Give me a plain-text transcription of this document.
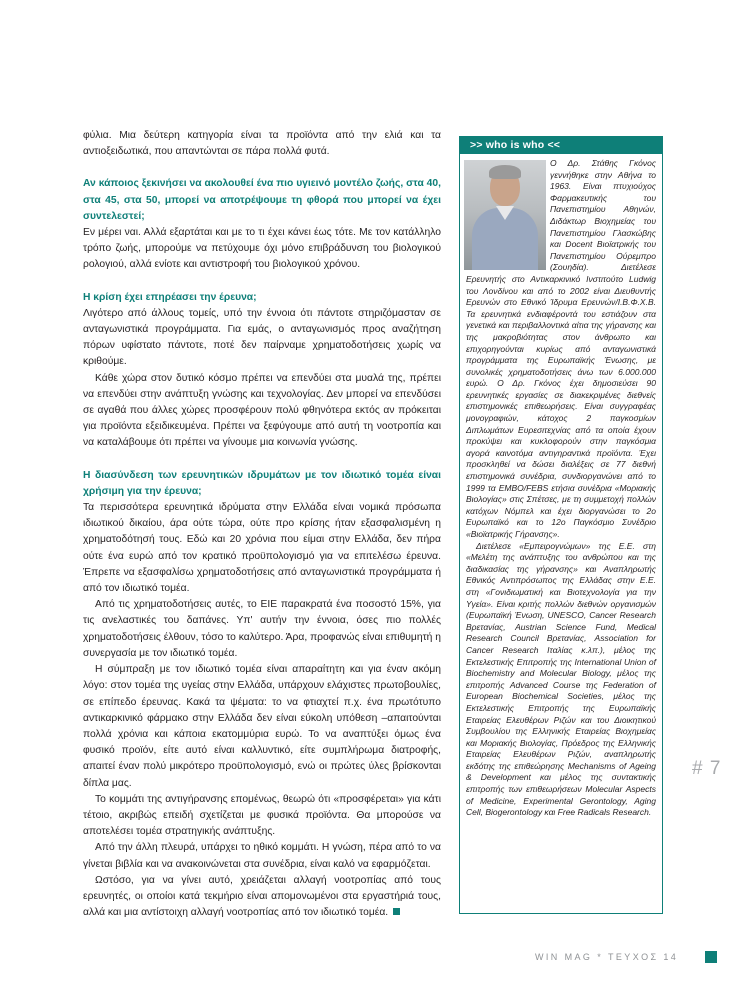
φύλια. Μια δεύτερη κατηγορία είναι τα προϊόντα από την ελιά και τα αντιοξειδωτικά, που απαντώνται σε πάρα πολλά φυτά.

Αν κάποιος ξεκινήσει να ακολουθεί ένα πιο υγιεινό μοντέλο ζωής, στα 40, στα 45, στα 50, μπορεί να αποτρέψουμε τη φθορά που μπορεί να έχει συντελεστεί;

Εν μέρει ναι. Αλλά εξαρτάται και με το τι έχει κάνει έως τότε. Με τον κατάλληλο τρόπο ζωής, μπορούμε να πετύχουμε όχι μόνο επιβράδυνση του βιολογικού ρολογιού, αλλά ενίοτε και αντιστροφή του βιολογικού χρόνου.

Η κρίση έχει επηρέασει την έρευνα;

Λιγότερο από άλλους τομείς, υπό την έννοια ότι πάντοτε στηριζόμασταν σε ανταγωνιστικά προγράμματα. Για εμάς, ο ανταγωνισμός προς αναζήτηση πόρων υφίσταto πάντοτε, ποτέ δεν παίρναμε χρηματοδοτήσεις χωρίς να κριθούμε.

Κάθε χώρα στον δυτικό κόσμο πρέπει να επενδύει στα μυαλά της, πρέπει να επενδύει στην ανάπτυξη γνώσης και τεχνολογίας. Δεν μπορεί να επενδύσει σε αγαθά που άλλες χώρες προσφέρουν πολύ φθηνότερα εκτός αν πρόκειται για προϊόντα εξειδικευμένα. Πρέπει να ξεφύγουμε από αυτή τη νοοτροπία και να καταλάβουμε ότι πρέπει να γίνουμε μια κοινωνία γνώσης.

Η διασύνδεση των ερευνητικών ιδρυμάτων με τον ιδιωτικό τομέα είναι χρήσιμη για την έρευνα;

Τα περισσότερα ερευνητικά ιδρύματα στην Ελλάδα είναι νομικά πρόσωπα ιδιωτικού δικαίου, άρα ούτε τώρα, ούτε προ κρίσης ήταν εξασφαλισμένη η χρηματοδότησή τους. Εδώ και 20 χρόνια που είμαι στην Ελλάδα, δεν πήρα ούτε ένα ευρώ από τον κρατικό προϋπολογισμό για να επιτελέσω έρευνα. Έπρεπε να εξασφαλίσω χρηματοδοτήσεις από ανταγωνιστικά προγράμματα ή από τον ιδιωτικό τομέα.

Από τις χρηματοδοτήσεις αυτές, το ΕΙΕ παρακρατά ένα ποσοστό 15%, για τις ανελαστικές του δαπάνες. Υπ' αυτήν την έννοια, όσες πιο πολλές χρηματοδοτήσεις έλθουν, τόσο το καλύτερο. Άρα, προφανώς είναι επιθυμητή η συνεργασία με τον ιδιωτικό τομέα.

Η σύμπραξη με τον ιδιωτικό τομέα είναι απαραίτητη και για έναν ακόμη λόγο: στον τομέα της υγείας στην Ελλάδα, υπάρχουν ελάχιστες πρωτοβουλίες, σε επίπεδο έρευνας. Κακά τα ψέματα: το να φτιαχτεί π.χ. ένα πρωτότυπο αντικαρκινικό φάρμακο στην Ελλάδα δεν είναι εύκολη υπόθεση –απαιτούνται πολλά χρόνια και κάποια εκατομμύρια ευρώ. Το να αναπτύξει όμως ένα φυσικό προϊόν, είτε αυτό είναι καλλυντικό, είτε συμπλήρωμα διατροφής, απαιτεί έναν πολύ μικρότερο προϋπολογισμό, ενώ οι πρώτες ύλες βρίσκονται δίπλα μας.

Το κομμάτι της αντιγήρανσης επομένως, θεωρώ ότι «προσφέρεται» για κάτι τέτοιο, ακριβώς επειδή σχετίζεται με φυσικά προϊόντα. Θα μπορούσε να αποτελέσει τομέα στρατηγικής ανάπτυξης.

Από την άλλη πλευρά, υπάρχει το ηθικό κομμάτι. Η γνώση, πέρα από το να γίνεται βιβλία και να ανακοινώνεται στα συνέδρια, είναι καλό να εφαρμόζεται.

Ωστόσο, για να γίνει αυτό, χρειάζεται αλλαγή νοοτροπίας από τους ερευνητές, οι οποίοι κατά τεκμήριο είναι απομονωμένοι στα εργαστήριά τους, αλλά και μια αντίστοιχη αλλαγή νοοτροπίας από τον ιδιωτικό τομέα.

>> who is who <<

Ο Δρ. Στάθης Γκόνος γεννήθηκε στην Αθήνα το 1963. Είναι πτυχιούχος Φαρμακευτικής του Πανεπιστημίου Αθηνών, Διδάκτωρ Βιοχημείας του Πανεπιστημίου Γλασκώβης και Docent Βιοϊατρικής του Πανεπιστημίου Ούρεμπρο (Σουηδία). Διετέλεσε Ερευνητής στο Αντικαρκινικό Ινστιτούτο Ludwig του Λονδίνου και από το 2002 είναι Διευθυντής Ερευνών στο Εθνικό Ίδρυμα Ερευνών/Ι.Β.Φ.Χ.Β. Τα ερευνητικά ενδιαφέροντά του εστιάζουν στα γενετικά και περιβαλλοντικά αίτια της γήρανσης και της μακροβιότητας στον άνθρωπο και επιχορηγούνται κυρίως από ανταγωνιστικά προγράμματα της Ευρωπαϊκής Ένωσης, με συνολικές χρηματοδοτήσεις άνω των 6.000.000 ευρώ. Ο Δρ. Γκόνος έχει δημοσιεύσει 90 ερευνητικές εργασίες σε διακεκριμένες διεθνείς επιστημονικές επιθεωρήσεις. Είναι συγγραφέας μονογραφιών, κάτοχος 2 παγκοσμίων Διπλωμάτων Ευρεσιτεχνίας από τα οποία έχουν προκύψει και κυκλοφορούν στην παγκόσμια αγορά καινοτόμα αντιγηραντικά προϊόντα. Έχει προσκληθεί να δώσει διαλέξεις σε 77 διεθνή επιστημονικά συνέδρια, συνδιοργανώνει από το 1999 τα EMBO/FEBS ετήσια συνέδρια «Μοριακής Βιολογίας» στις Σπέτσες, με τη συμμετοχή πολλών κατόχων Νόμπελ και έχει διοργανώσει το 2ο Ευρωπαϊκό και το 12ο Παγκόσμιο Συνέδριο «Βιοϊατρικής Γήρανσης».

Διετέλεσε «Εμπειρογνώμων» της Ε.Ε. στη «Μελέτη της ανάπτυξης του ανθρώπου και της διαδικασίας της γήρανσης» και Αναπληρωτής Εθνικός Αντιπρόσωπος της Ελλάδας στην Ε.Ε. στη «Γονιδιωματική και Βιοτεχνολογία για την Υγεία». Είναι κριτής πολλών διεθνών οργανισμών (Ευρωπαϊκή Ένωση, UNESCO, Cancer Research Βρετανίας, Austrian Science Fund, Medical Research Council Βρετανίας, Association for Cancer Research Ιταλίας κ.λπ.), μέλος της Εκτελεστικής Επιτροπής της International Union of Biochemistry and Molecular Biology, μέλος της επιτροπής Advanced Course της Federation of European Biochemical Societies, μέλος της Εκτελεστικής Επιτροπής της Ευρωπαϊκής Εταιρείας Ελευθέρων Ριζών και του Διοικητικού Συμβουλίου της Ελληνικής Εταιρείας Βιοχημείας και Μοριακής Βιολογίας, Πρόεδρος της Ελληνικής Εταιρείας Ελευθέρων Ριζών, αναπληρωτής εκδότης της επιθεώρησης Mechanisms of Ageing & Development και μέλος της συντακτικής επιτροπής των επιθεωρήσεων Molecular Aspects of Medicine, Experimental Gerontology, Aging Cell, Biogerontology και Free Radicals Research.

# 7
WIN MAG * ΤΕΥΧΟΣ 14
